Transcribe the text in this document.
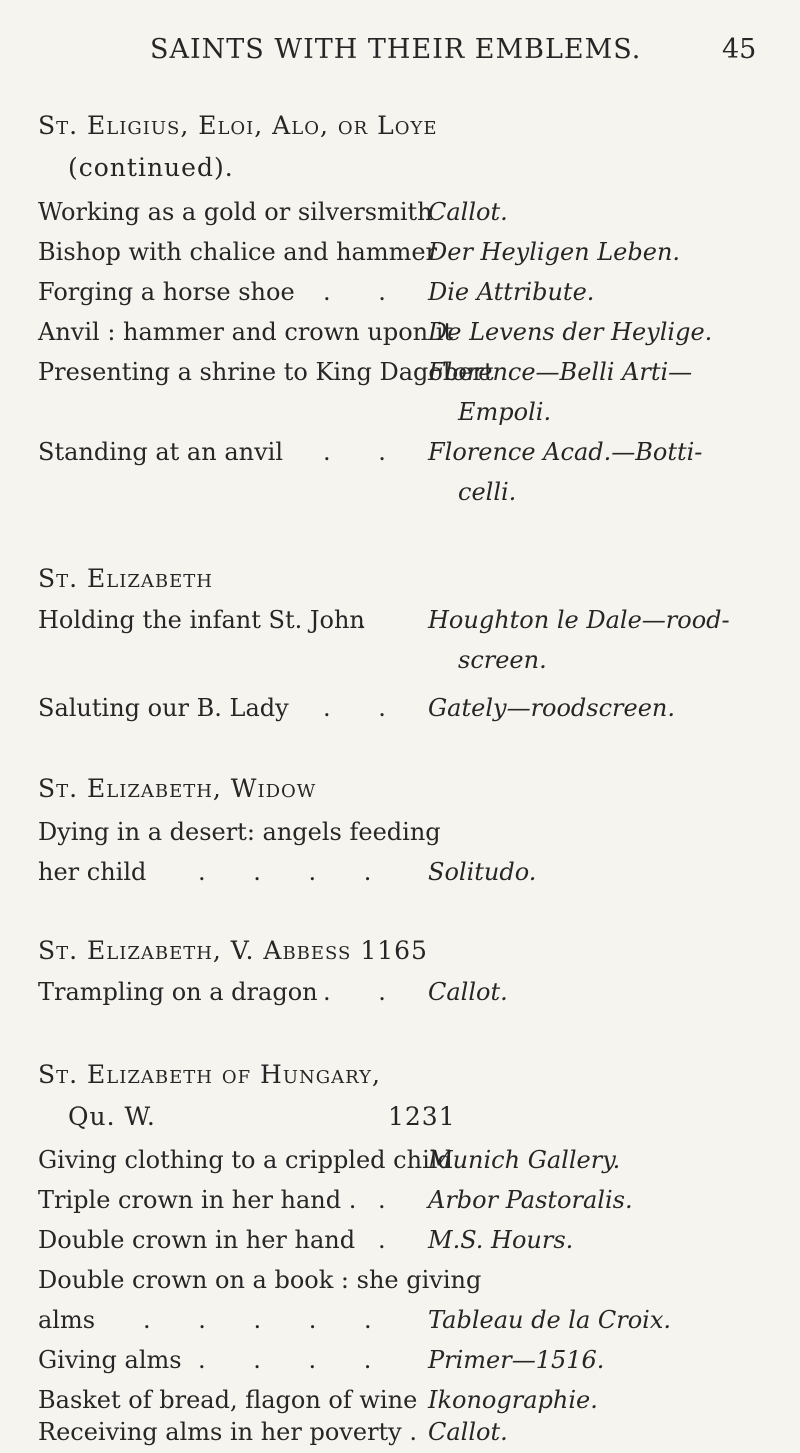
SAINTS WITH THEIR EMBLEMS.	45
St. Eligius, Eloi, Alo, or Loye
(continued).
Working as a gold or silversmith
Callot.
Bishop with chalice and hammer
Der Heyligen Leben.
Forging a horse shoe . . Die Attribute.
Anvil : hammer and crown upon it
De Levens der Heylige.
Presenting a shrine to King Dagobert
Florence—Belli Arti—
Empoli.
Standing at an anvil . . Florence Acad.—Botti-
celli.
St. Elizabeth
Holding the infant St. John
. Houghton le Dale—rood-
screen.
Saluting our B. Lady . . Gately—roodscreen.
St. Elizabeth, Widow
Dying in a desert: angels feeding
her child . . . . Solitudo.
St. Elizabeth, V. Abbess 1165
Trampling on a dragon . . Callot.
St. Elizabeth of Hungary,
Qu. W.	1231
Giving clothing to a crippled child
Munich Gallery.
Triple crown in her hand . . Arbor Pastoralis.
Double crown in her hand . M.S. Hours.
Double crown on a book : she giving
alms . . . . . Tableau de la Croix.
Giving alms . . . . Primer—1516.
Basket of bread, flagon of wine Ikonographie.
Receiving alms in her poverty . Callot.
